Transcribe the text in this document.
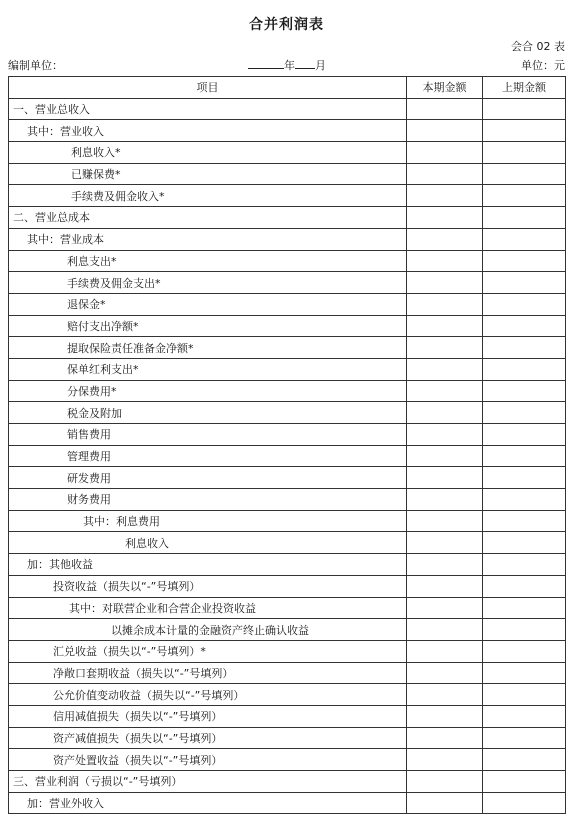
合并利润表
会合 02 表
编制单位：	年 月	单位：元
项目	本期金额	上期金额
一、营业总收入		
其中：营业收入		
利息收入*		
已赚保费*		
手续费及佣金收入*		
二、营业总成本		
其中：营业成本		
利息支出*		
手续费及佣金支出*		
退保金*		
赔付支出净额*		
提取保险责任准备金净额*		
保单红利支出*		
分保费用*		
税金及附加		
销售费用		
管理费用		
研发费用		
财务费用		
其中：利息费用		
利息收入		
加：其他收益		
投资收益（损失以“-”号填列）		
其中：对联营企业和合营企业投资收益		
以摊余成本计量的金融资产终止确认收益		
汇兑收益（损失以“-”号填列）*		
净敞口套期收益（损失以“-”号填列）		
公允价值变动收益（损失以“-”号填列）		
信用减值损失（损失以“-”号填列）		
资产减值损失（损失以“-”号填列）		
资产处置收益（损失以“-”号填列）		
三、营业利润（亏损以“-”号填列）		
加：营业外收入		
